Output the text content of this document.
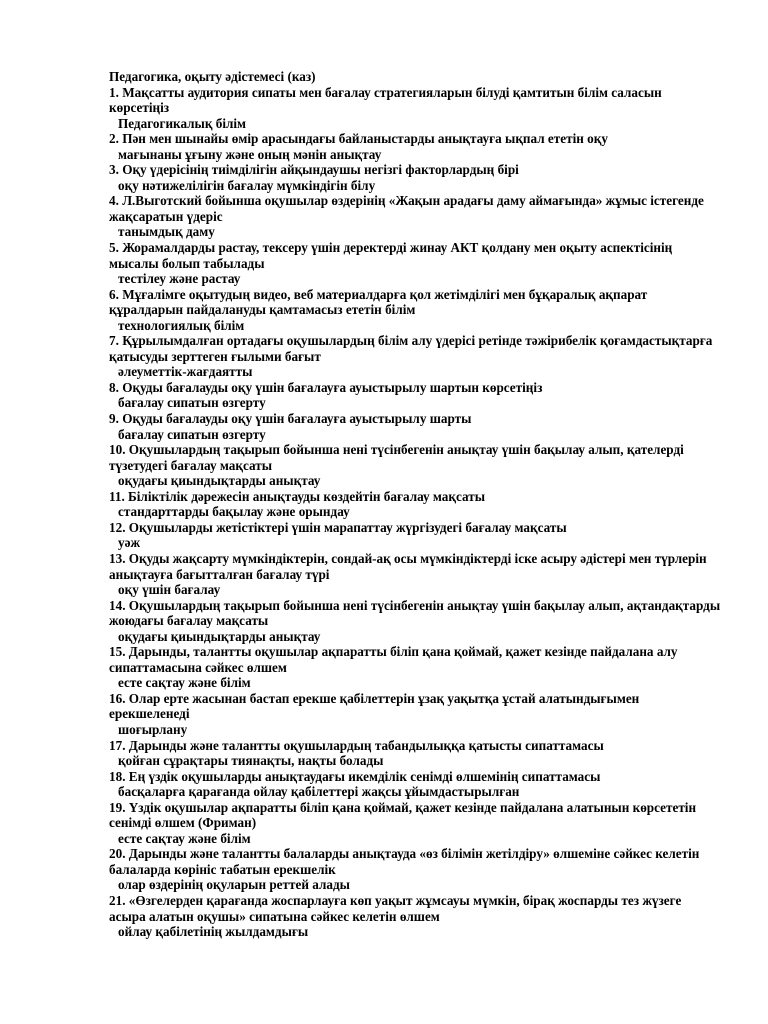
Педагогика, оқыту әдістемесі (каз)
1. Мақсатты аудитория сипаты мен бағалау стратегияларын білуді қамтитын білім саласын көрсетіңіз
Педагогикалық білім
2. Пән мен шынайы өмір арасындағы байланыстарды анықтауға ықпал ететін оқу
мағынаны ұғыну және оның мәнін анықтау
3. Оқу үдерісінің тиімділігін айқындаушы негізгі факторлардың бірі
оқу нәтижелілігін бағалау мүмкіндігін білу
4. Л.Выготский бойынша оқушылар өздерінің «Жақын арадағы даму аймағында» жұмыс істегенде жақсаратын үдеріс
танымдық даму
5. Жорамалдарды растау, тексеру үшін деректерді жинау АКТ қолдану мен оқыту аспектісінің мысалы болып табылады
тестілеу және растау
6. Мұғалімге оқытудың видео, веб материалдарға қол жетімділігі мен бұқаралық ақпарат құралдарын пайдалануды қамтамасыз ететін білім
технологиялық білім
7. Құрылымдалған ортадағы оқушылардың білім алу үдерісі ретінде тәжірибелік қоғамдастықтарға қатысуды зерттеген ғылыми бағыт
әлеуметтік-жағдаятты
8. Оқуды бағалауды оқу үшін бағалауға ауыстырылу шартын көрсетіңіз
бағалау сипатын өзгерту
9. Оқуды бағалауды оқу үшін бағалауға ауыстырылу шарты
бағалау сипатын өзгерту
10. Оқушылардың тақырып бойынша нені түсінбегенін анықтау үшін бақылау алып, қателерді түзетудегі бағалау мақсаты
оқудағы қиындықтарды анықтау
11. Біліктілік дәрежесін анықтауды көздейтін бағалау мақсаты
стандарттарды бақылау және орындау
12. Оқушыларды жетістіктері үшін марапаттау жүргізудегі бағалау мақсаты
уәж
13. Оқуды жақсарту мүмкіндіктерін, сондай-ақ осы мүмкіндіктерді іске асыру әдістері мен түрлерін анықтауға бағытталған бағалау түрі
оқу үшін бағалау
14. Оқушылардың тақырып бойынша нені түсінбегенін анықтау үшін бақылау алып, ақтандақтарды жоюдағы бағалау мақсаты
оқудағы қиындықтарды анықтау
15. Дарынды, талантты оқушылар ақпаратты біліп қана қоймай, қажет кезінде пайдалана алу сипаттамасына сәйкес өлшем
есте сақтау және білім
16. Олар ерте жасынан бастап ерекше қабілеттерін ұзақ уақытқа ұстай алатындығымен ерекшеленеді
шоғырлану
17. Дарынды және талантты оқушылардың табандылыққа қатысты сипаттамасы
қойған сұрақтары тиянақты, нақты болады
18. Ең үздік оқушыларды анықтаудағы икемділік сенімді өлшемінің сипаттамасы
басқаларға қарағанда ойлау қабілеттері жақсы ұйымдастырылған
19. Үздік оқушылар ақпаратты біліп қана қоймай, қажет кезінде пайдалана алатынын көрсететін сенімді өлшем (Фриман)
есте сақтау және білім
20. Дарынды және талантты балаларды анықтауда «өз білімін жетілдіру» өлшеміне сәйкес келетін балаларда көрініс табатын ерекшелік
олар өздерінің оқуларын реттей алады
21. «Өзгелерден қарағанда жоспарлауға көп уақыт жұмсауы мүмкін, бірақ жоспарды тез жүзеге асыра алатын оқушы» сипатына сәйкес келетін өлшем
ойлау қабілетінің жылдамдығы
